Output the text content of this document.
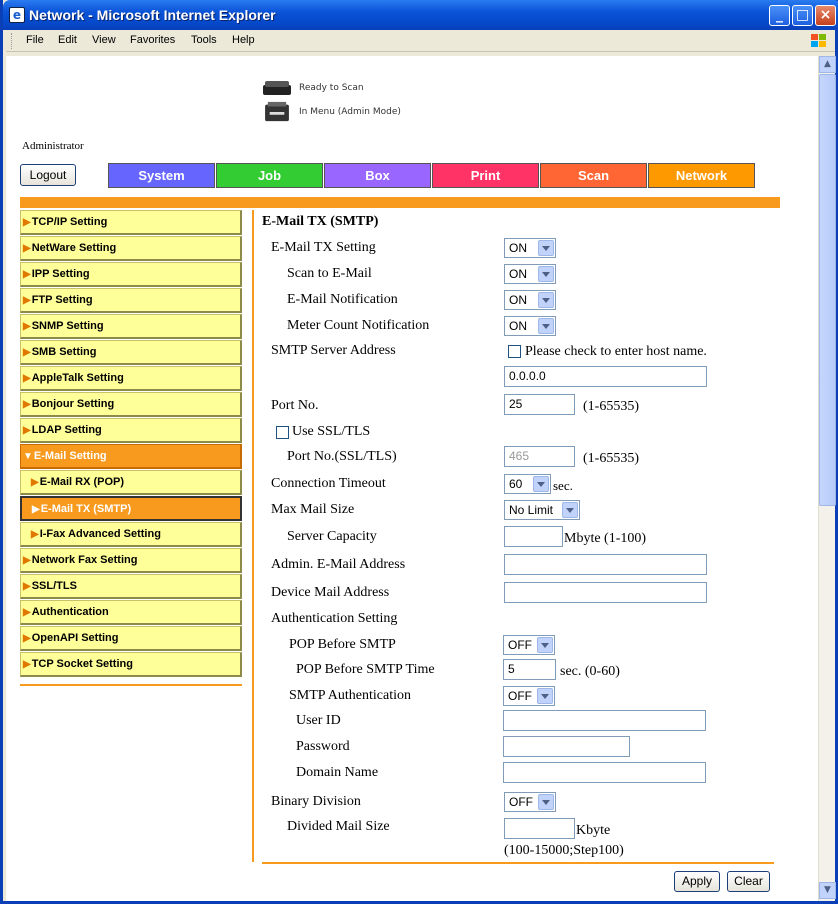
e Network - Microsoft Internet Explorer	_ □ ×
File Edit View Favorites Tools Help
Ready to Scan
In Menu (Admin Mode)
Administrator
Logout	System	Job	Box	Print	Scan	Network
▶TCP/IP Setting
▶NetWare Setting
▶IPP Setting
▶FTP Setting
▶SNMP Setting
▶SMB Setting
▶AppleTalk Setting
▶Bonjour Setting
▶LDAP Setting
▼E-Mail Setting
▶E-Mail RX (POP)
▶E-Mail TX (SMTP)
▶I-Fax Advanced Setting
▶Network Fax Setting
▶SSL/TLS
▶Authentication
▶OpenAPI Setting
▶TCP Socket Setting
E-Mail TX (SMTP)
E-Mail TX Setting	ON
Scan to E-Mail	ON
E-Mail Notification	ON
Meter Count Notification	ON
SMTP Server Address	Please check to enter host name.
0.0.0.0
Port No.	25	(1-65535)
Use SSL/TLS
Port No.(SSL/TLS)	465	(1-65535)
Connection Timeout	60	sec.
Max Mail Size	No Limit
Server Capacity	Mbyte (1-100)
Admin. E-Mail Address
Device Mail Address
Authentication Setting
POP Before SMTP	OFF
POP Before SMTP Time	5	sec. (0-60)
SMTP Authentication	OFF
User ID
Password
Domain Name
Binary Division	OFF
Divided Mail Size	Kbyte
(100-15000;Step100)
Apply	Clear
▲
▼
